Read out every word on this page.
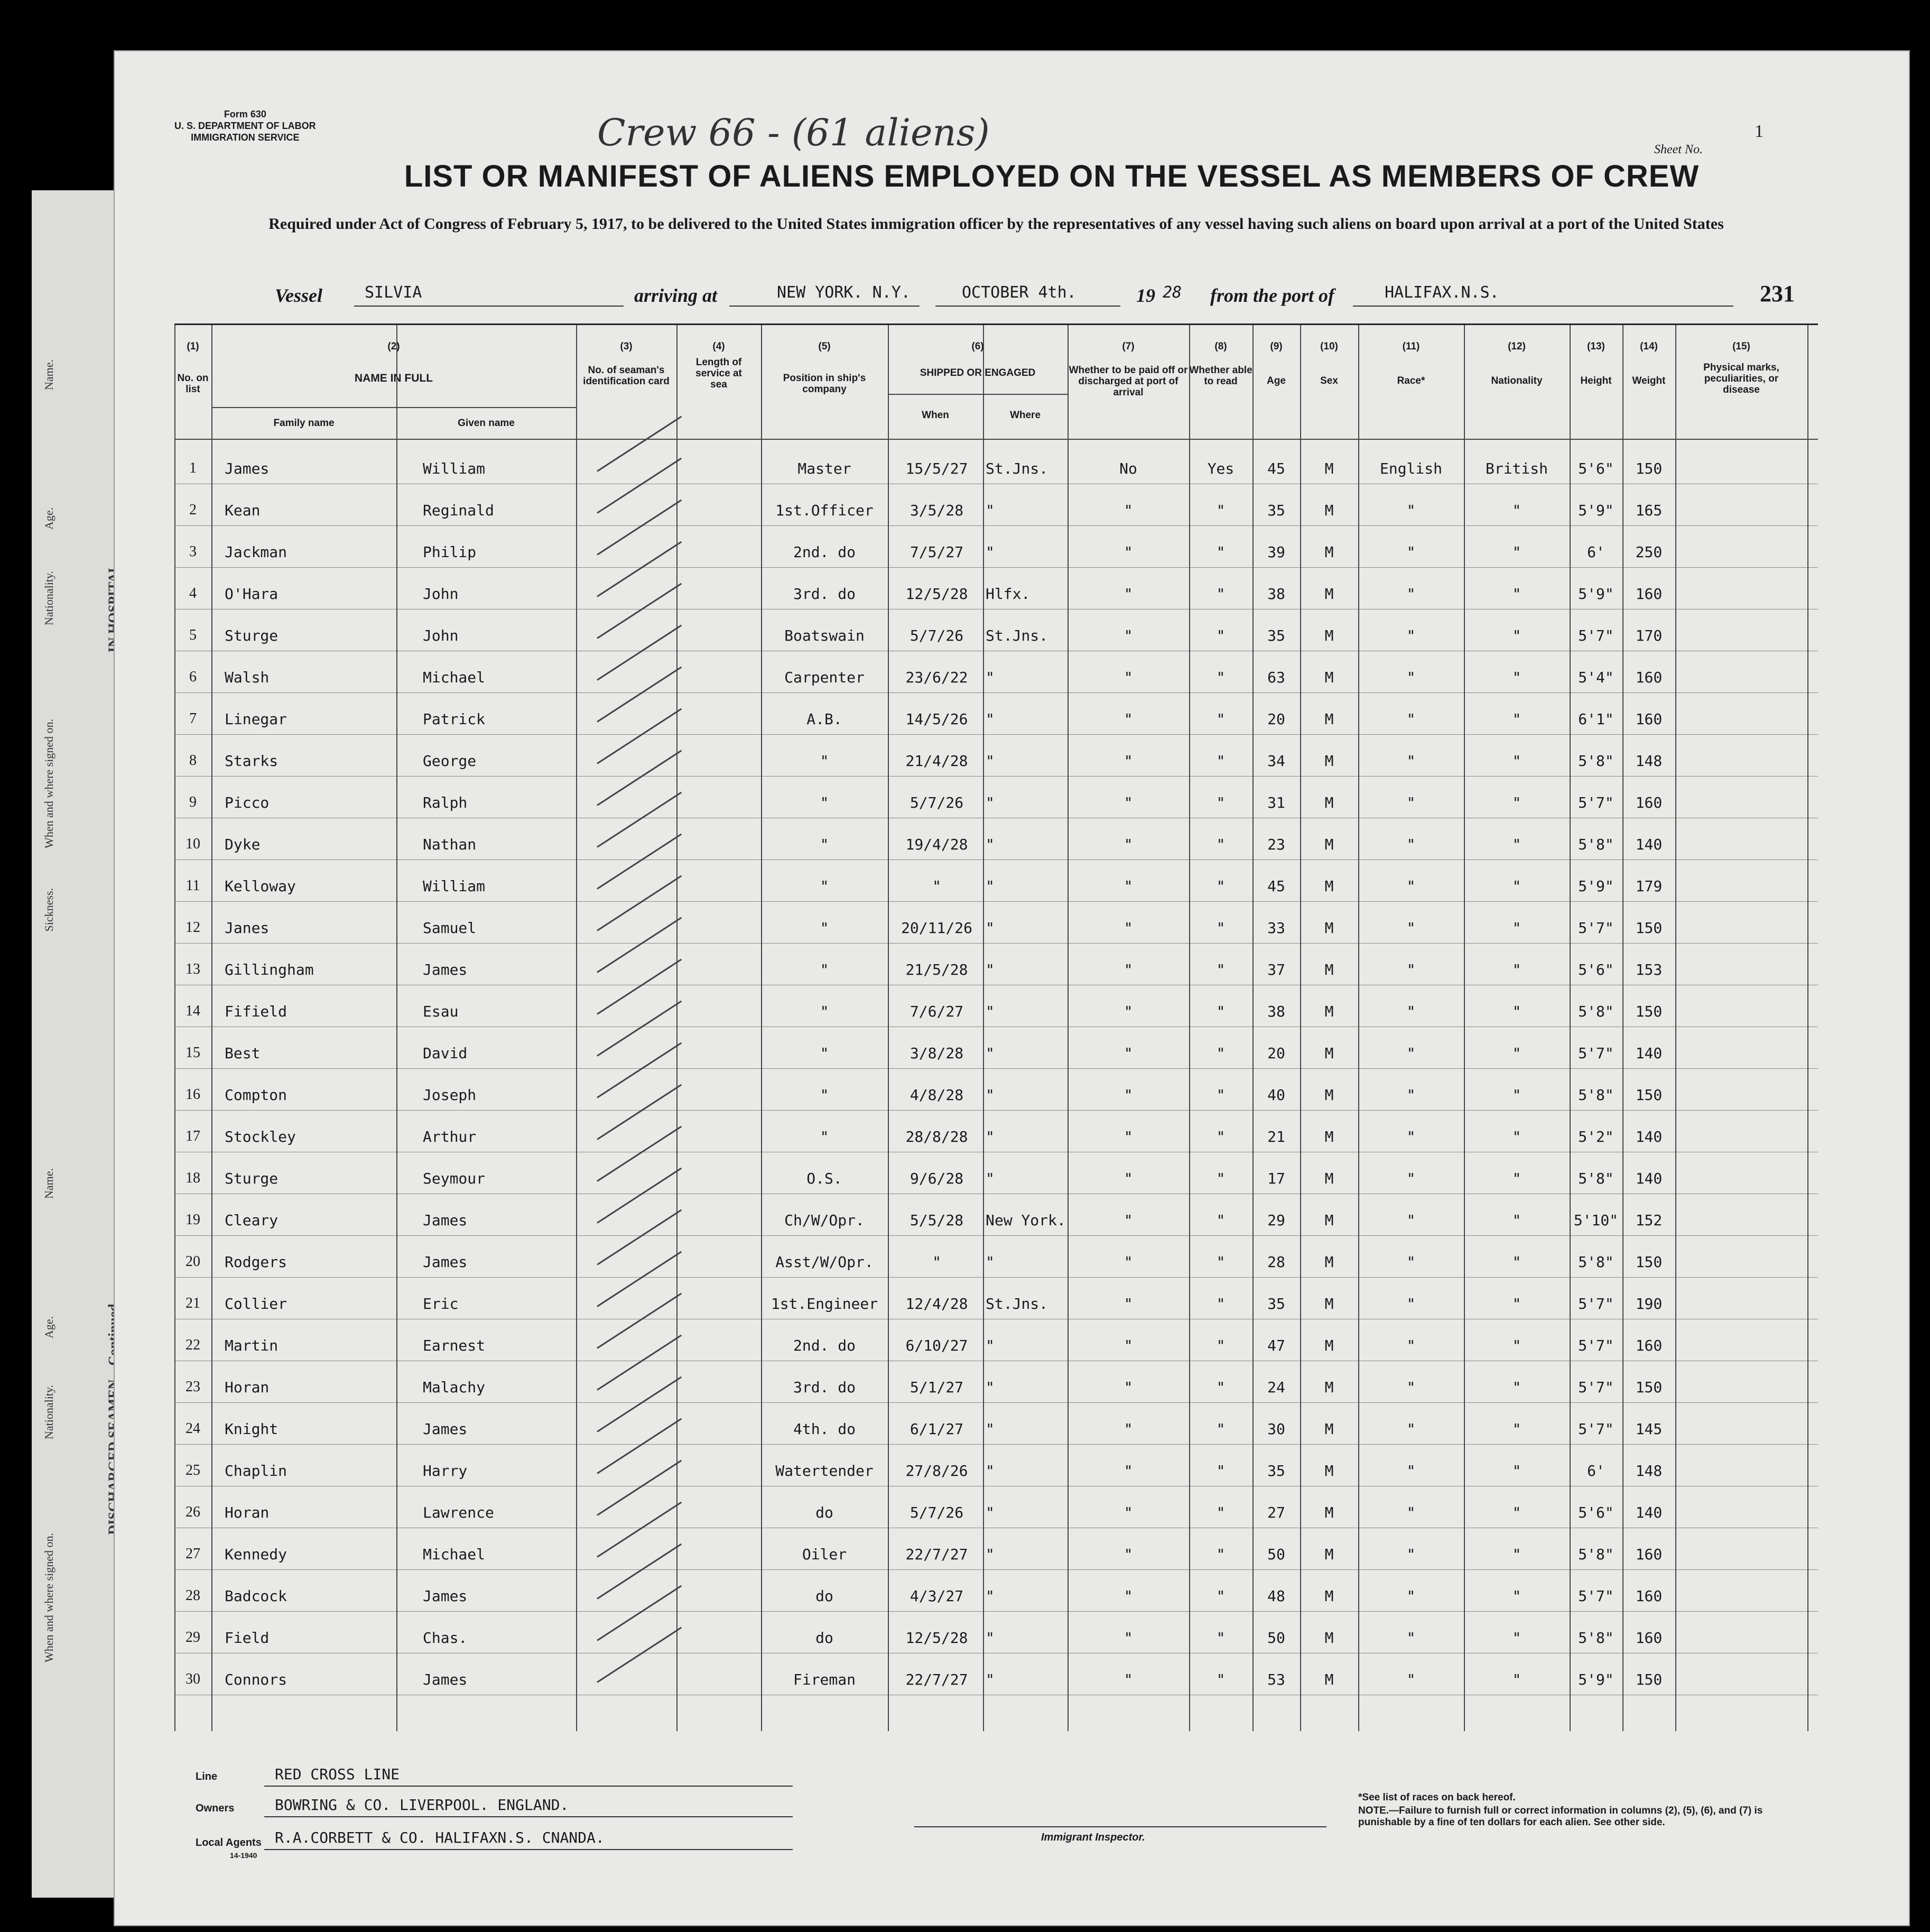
Name.
Age.
Nationality.
When and where signed on.
Sickness.
Name.
Age.
Nationality.
When and where signed on.
Form 630
U. S. DEPARTMENT OF LABOR
IMMIGRATION SERVICE	Crew 66 - (61 aliens)	Sheet No.
1
LIST OR MANIFEST OF ALIENS EMPLOYED ON THE VESSEL AS MEMBERS OF CREW
Required under Act of Congress of February 5, 1917, to be delivered to the United States immigration officer by the representatives of any vessel having such aliens on board upon arrival at a port of the United States
Vessel	SILVIA	arriving at	NEW YORK. N.Y.	OCTOBER 4th.	19 28 from the port of	HALIFAX.N.S.	231
(1)
No. on list
(2)
NAME IN FULL
Family name	Given name
(3)
No. of seaman's identification card
(4)
Length of service at sea
(5)
Position in ship's company
(6)
SHIPPED OR ENGAGED
When	Where
(7)
Whether to be paid off or discharged at port of arrival
(8)
Whether able to read
(9)
Age
(10)
Sex
(11)
Race*
(12)
Nationality
(13)
Height
(14)
Weight
(15)
Physical marks, peculiarities, or disease
1	James	William	Master	15/5/27	St.Jns.	No	Yes	45	M	English	British	5'6"	150
2	Kean	Reginald	1st.Officer	3/5/28	"	"	"	35	M	"	"	5'9"	165
3	Jackman	Philip	2nd. do	7/5/27	"	"	"	39	M	"	"	6'	250
4	O'Hara	John	3rd. do	12/5/28	Hlfx.	"	"	38	M	"	"	5'9"	160
5	Sturge	John	Boatswain	5/7/26	St.Jns.	"	"	35	M	"	"	5'7"	170
6	Walsh	Michael	Carpenter	23/6/22	"	"	"	63	M	"	"	5'4"	160
7	Linegar	Patrick	A.B.	14/5/26	"	"	"	20	M	"	"	6'1"	160
8	Starks	George	"	21/4/28	"	"	"	34	M	"	"	5'8"	148
9	Picco	Ralph	"	5/7/26	"	"	"	31	M	"	"	5'7"	160
10	Dyke	Nathan	"	19/4/28	"	"	"	23	M	"	"	5'8"	140
11	Kelloway	William	"	"	"	"	"	45	M	"	"	5'9"	179
12	Janes	Samuel	"	20/11/26 "	"	"	33	M	"	"	5'7"	150
13	Gillingham	James	"	21/5/28	"	"	"	37	M	"	"	5'6"	153
14	Fifield	Esau	"	7/6/27	"	"	"	38	M	"	"	5'8"	150
15	Best	David	"	3/8/28	"	"	"	20	M	"	"	5'7"	140
16	Compton	Joseph	"	4/8/28	"	"	"	40	M	"	"	5'8"	150
17	Stockley	Arthur	"	28/8/28	"	"	"	21	M	"	"	5'2"	140
18	Sturge	Seymour	O.S.	9/6/28	"	"	"	17	M	"	"	5'8"	140
19	Cleary	James	Ch/W/Opr.	5/5/28	New York.	"	"	29	M	"	"	5'10"	152
20	Rodgers	James	Asst/W/Opr.	"	"	"	"	28	M	"	"	5'8"	150
21	Collier	Eric	1st.Engineer	12/4/28	St.Jns.	"	"	35	M	"	"	5'7"	190
22	Martin	Earnest	2nd. do	6/10/27	"	"	"	47	M	"	"	5'7"	160
23	Horan	Malachy	3rd. do	5/1/27	"	"	"	24	M	"	"	5'7"	150
24	Knight	James	4th. do	6/1/27	"	"	"	30	M	"	"	5'7"	145
25	Chaplin	Harry	Watertender	27/8/26	"	"	"	35	M	"	"	6'	148
26	Horan	Lawrence	do	5/7/26	"	"	"	27	M	"	"	5'6"	140
27	Kennedy	Michael	Oiler	22/7/27	"	"	"	50	M	"	"	5'8"	160
28	Badcock	James	do	4/3/27	"	"	"	48	M	"	"	5'7"	160
29	Field	Chas.	do	12/5/28	"	"	"	50	M	"	"	5'8"	160
30	Connors	James	Fireman	22/7/27	"	"	"	53	M	"	"	5'9"	150
Line	RED CROSS LINE
Owners	BOWRING & CO. LIVERPOOL. ENGLAND.
Local Agents R.A.CORBETT & CO. HALIFAXN.S. CNANDA.
14-1940
Immigrant Inspector.
*See list of races on back hereof.
NOTE.—Failure to furnish full or correct information in columns (2), (5), (6), and (7) is punishable by a fine of ten dollars for each alien. See other side.
